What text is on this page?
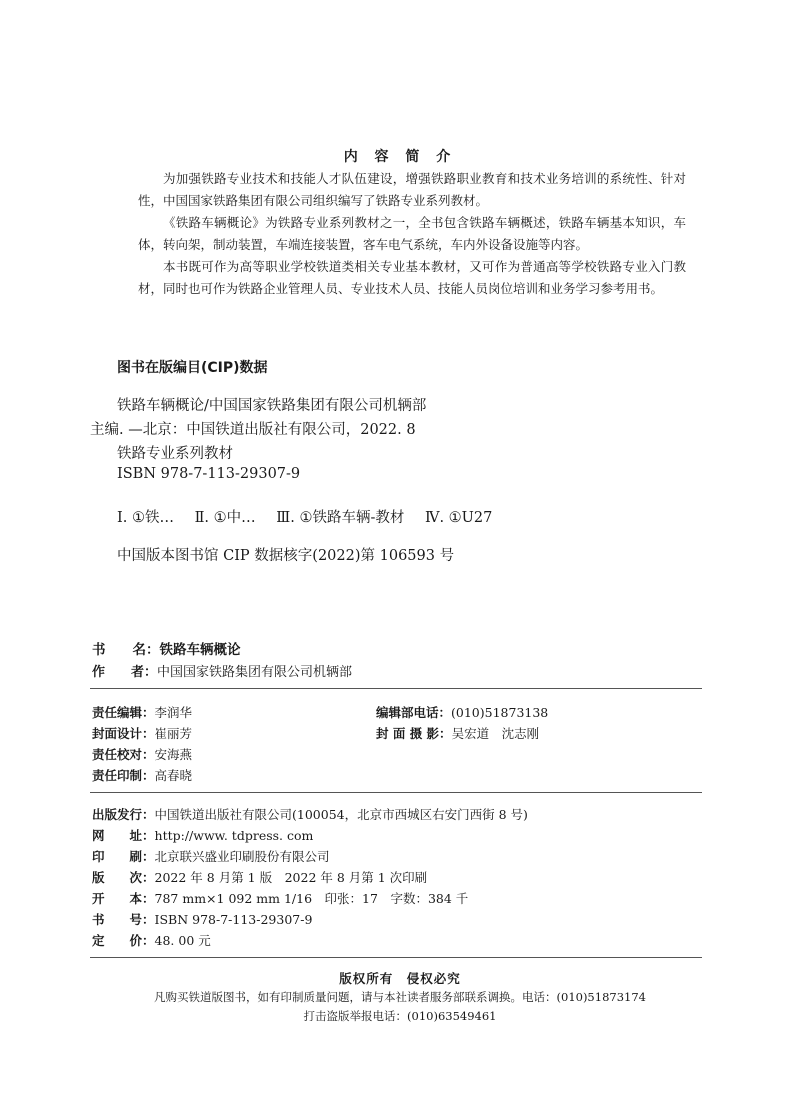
内 容 简 介

为加强铁路专业技术和技能人才队伍建设，增强铁路职业教育和技术业务培训的系统性、针对性，中国国家铁路集团有限公司组织编写了铁路专业系列教材。

《铁路车辆概论》为铁路专业系列教材之一，全书包含铁路车辆概述，铁路车辆基本知识，车体，转向架，制动装置，车端连接装置，客车电气系统，车内外设备设施等内容。

本书既可作为高等职业学校铁道类相关专业基本教材，又可作为普通高等学校铁路专业入门教材，同时也可作为铁路企业管理人员、专业技术人员、技能人员岗位培训和业务学习参考用书。

图书在版编目(CIP)数据
铁路车辆概论/中国国家铁路集团有限公司机辆部
主编. —北京：中国铁道出版社有限公司，2022. 8
铁路专业系列教材
ISBN 978-7-113-29307-9
Ⅰ. ①铁… Ⅱ. ①中… Ⅲ. ①铁路车辆-教材 Ⅳ. ①U27
中国版本图书馆 CIP 数据核字(2022)第 106593 号
书　　名：铁路车辆概论
作　　者：中国国家铁路集团有限公司机辆部
责任编辑：李润华	编辑部电话：(010)51873138
封面设计：崔丽芳	封 面 摄 影：吴宏道　沈志刚
责任校对：安海燕
责任印制：高春晓
出版发行：中国铁道出版社有限公司(100054，北京市西城区右安门西街 8 号)
网　　址：http://www. tdpress. com
印　　刷：北京联兴盛业印刷股份有限公司
版　　次：2022 年 8 月第 1 版　2022 年 8 月第 1 次印刷
开　　本：787 mm×1 092 mm 1/16　印张：17　字数：384 千
书　　号：ISBN 978-7-113-29307-9
定　　价：48. 00 元
版权所有　侵权必究
凡购买铁道版图书，如有印制质量问题，请与本社读者服务部联系调换。电话：(010)51873174
打击盗版举报电话：(010)63549461
